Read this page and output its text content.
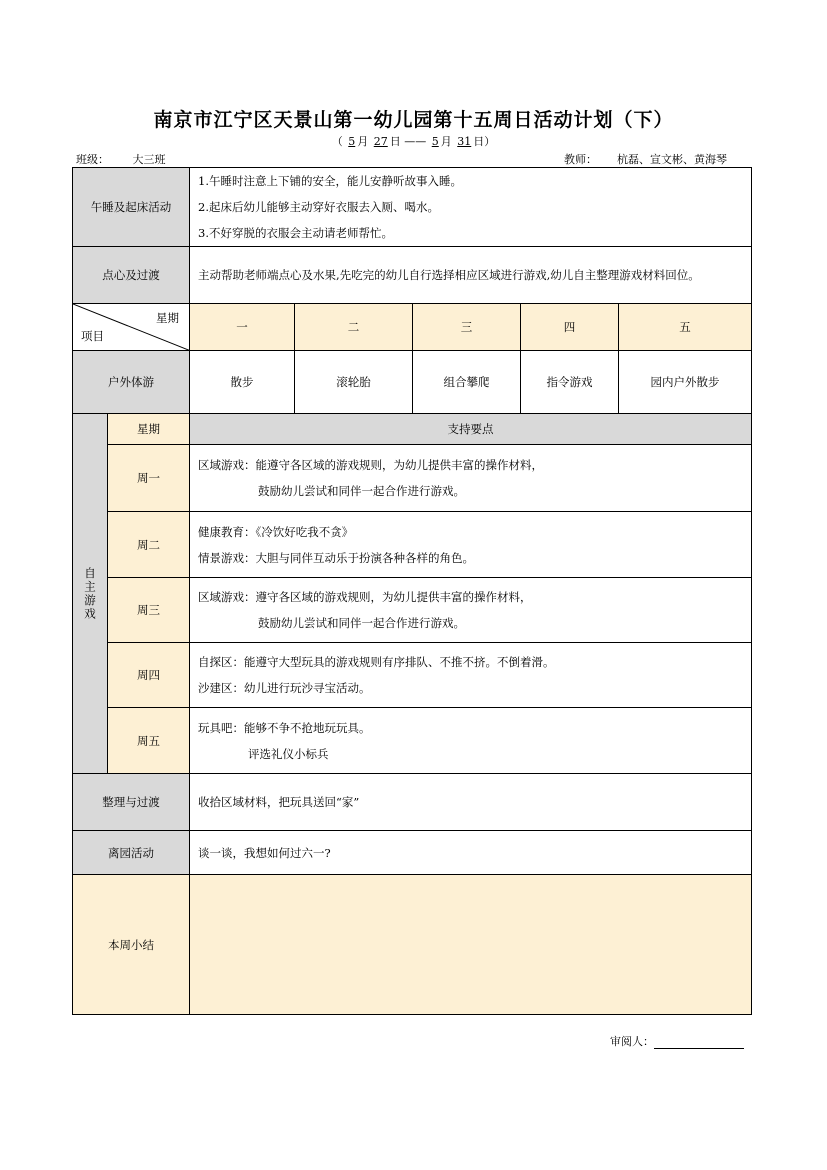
南京市江宁区天景山第一幼儿园第十五周日活动计划（下）
（ 5 月 27 日 —— 5 月 31 日）
班级： 大三班	教师： 杭磊、宣文彬、黄海琴
午睡及起床活动		1.午睡时注意上下铺的安全，能儿安静听故事入睡。
2.起床后幼儿能够主动穿好衣服去入厕、喝水。
3.不好穿脱的衣服会主动请老师帮忙。				

点心及过渡		主动帮助老师端点心及水果,先吃完的幼儿自行选择相应区域进行游戏,幼儿自主整理游戏材料回位。				

星期
项目		一	二	三	四	五
户外体游		散步	滚轮胎	组合攀爬	指令游戏	园内户外散步

自主游戏	星期	支持要点				
	周一	区域游戏：能遵守各区域的游戏规则，为幼儿提供丰富的操作材料，
鼓励幼儿尝试和同伴一起合作进行游戏。				

	周二	健康教育：《冷饮好吃我不贪》
情景游戏：大胆与同伴互动乐于扮演各种各样的角色。				

	周三	区域游戏：遵守各区域的游戏规则，为幼儿提供丰富的操作材料，
鼓励幼儿尝试和同伴一起合作进行游戏。				

	周四	自探区：能遵守大型玩具的游戏规则有序排队、不推不挤。不倒着滑。
沙建区：幼儿进行玩沙寻宝活动。				

	周五	玩具吧：能够不争不抢地玩玩具。
评选礼仪小标兵				

整理与过渡		收拾区域材料，把玩具送回“家”				
离园活动		谈一谈，我想如何过六一?				
本周小结						
审阅人：
